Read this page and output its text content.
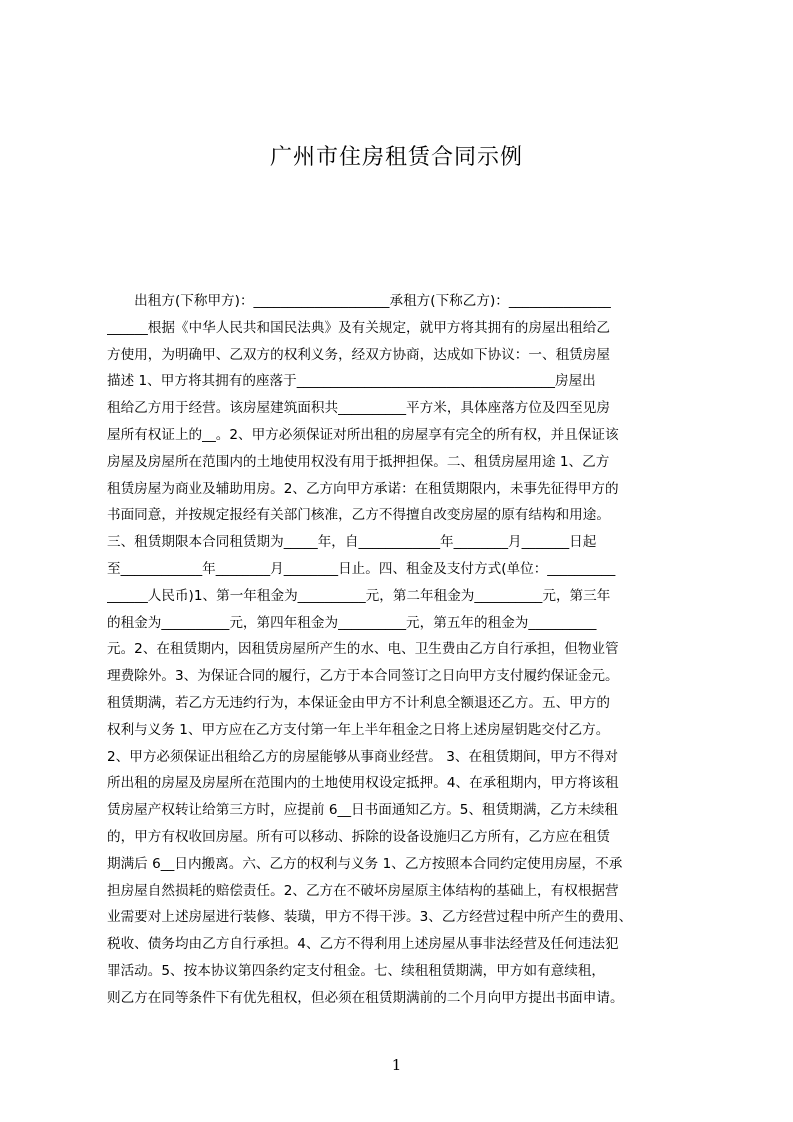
广州市住房租赁合同示例
　　出租方(下称甲方)：____________________承租方(下称乙方)：_______________
______根据《中华人民共和国民法典》及有关规定，就甲方将其拥有的房屋出租给乙
方使用，为明确甲、乙双方的权利义务，经双方协商，达成如下协议：一、租赁房屋
描述 1、甲方将其拥有的座落于______________________________________房屋出
租给乙方用于经营。该房屋建筑面积共__________平方米，具体座落方位及四至见房
屋所有权证上的__。2、甲方必须保证对所出租的房屋享有完全的所有权，并且保证该
房屋及房屋所在范围内的土地使用权没有用于抵押担保。二、租赁房屋用途 1、乙方
租赁房屋为商业及辅助用房。2、乙方向甲方承诺：在租赁期限内，未事先征得甲方的
书面同意，并按规定报经有关部门核准，乙方不得擅自改变房屋的原有结构和用途。
三、租赁期限本合同租赁期为_____年，自____________年________月_______日起
至____________年________月________日止。四、租金及支付方式(单位：__________
______人民币)1、第一年租金为__________元，第二年租金为__________元，第三年
的租金为__________元，第四年租金为__________元，第五年的租金为__________
元。2、在租赁期内，因租赁房屋所产生的水、电、卫生费由乙方自行承担，但物业管
理费除外。3、为保证合同的履行，乙方于本合同签订之日向甲方支付履约保证金元。
租赁期满，若乙方无违约行为，本保证金由甲方不计利息全额退还乙方。五、甲方的
权利与义务 1、甲方应在乙方支付第一年上半年租金之日将上述房屋钥匙交付乙方。
2、甲方必须保证出租给乙方的房屋能够从事商业经营。 3、在租赁期间，甲方不得对
所出租的房屋及房屋所在范围内的土地使用权设定抵押。4、在承租期内，甲方将该租
赁房屋产权转让给第三方时，应提前 6__日书面通知乙方。5、租赁期满，乙方未续租
的，甲方有权收回房屋。所有可以移动、拆除的设备设施归乙方所有，乙方应在租赁
期满后 6__日内搬离。六、乙方的权利与义务 1、乙方按照本合同约定使用房屋，不承
担房屋自然损耗的赔偿责任。2、乙方在不破坏房屋原主体结构的基础上，有权根据营
业需要对上述房屋进行装修、装璜，甲方不得干涉。3、乙方经营过程中所产生的费用、
税收、债务均由乙方自行承担。4、乙方不得利用上述房屋从事非法经营及任何违法犯
罪活动。5、按本协议第四条约定支付租金。七、续租租赁期满，甲方如有意续租，
则乙方在同等条件下有优先租权，但必须在租赁期满前的二个月向甲方提出书面申请。
1
